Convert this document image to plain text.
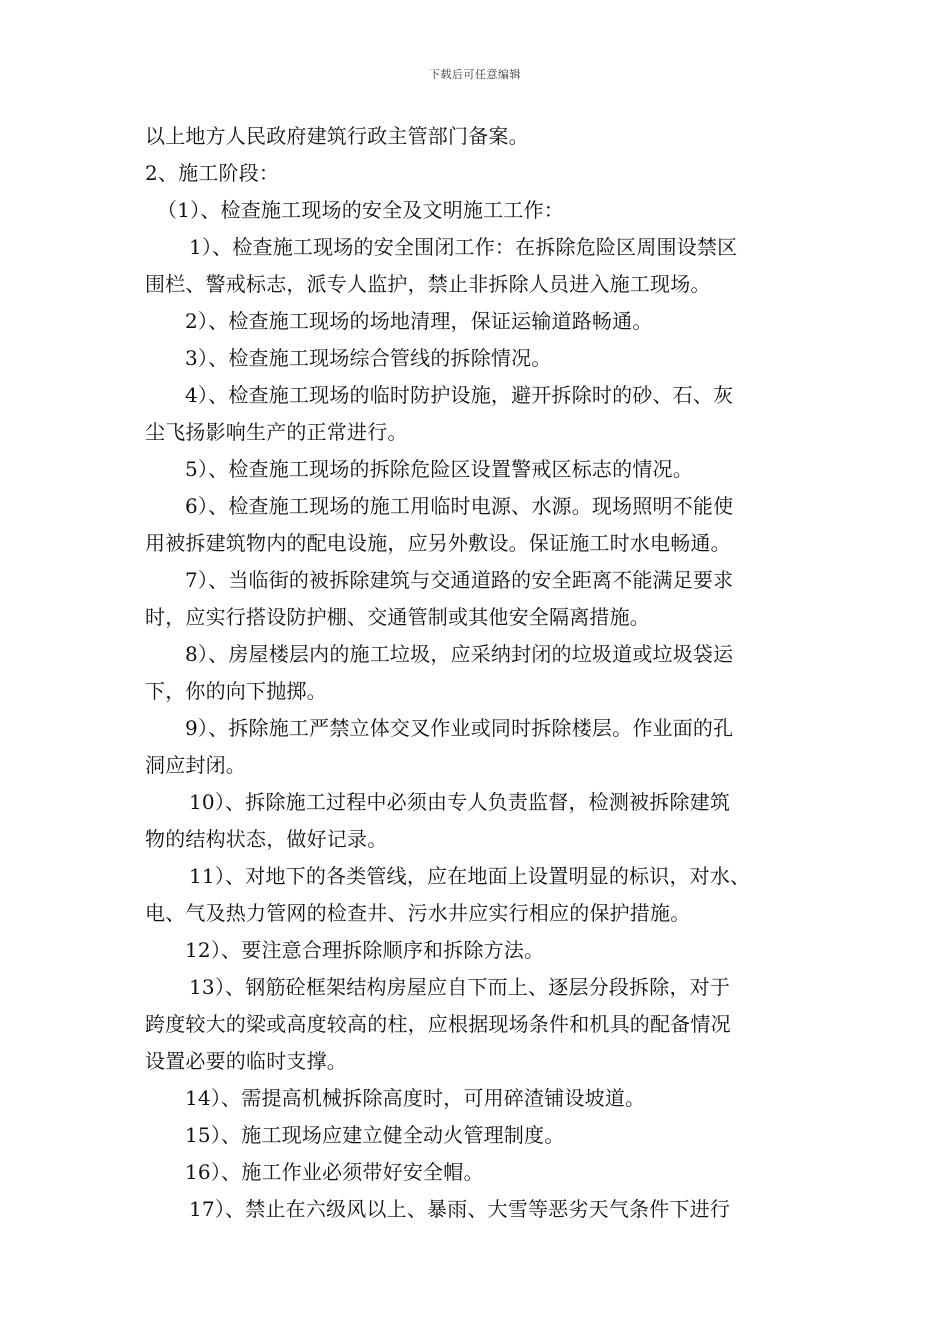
下载后可任意编辑
以上地方人民政府建筑行政主管部门备案。
2、施工阶段：
（1）、检查施工现场的安全及文明施工工作：
1）、检查施工现场的安全围闭工作：在拆除危险区周围设禁区
围栏、警戒标志，派专人监护，禁止非拆除人员进入施工现场。
2）、检查施工现场的场地清理，保证运输道路畅通。
3）、检查施工现场综合管线的拆除情况。
4）、检查施工现场的临时防护设施，避开拆除时的砂、石、灰
尘飞扬影响生产的正常进行。
5）、检查施工现场的拆除危险区设置警戒区标志的情况。
6）、检查施工现场的施工用临时电源、水源。现场照明不能使
用被拆建筑物内的配电设施，应另外敷设。保证施工时水电畅通。
7）、当临街的被拆除建筑与交通道路的安全距离不能满足要求
时，应实行搭设防护棚、交通管制或其他安全隔离措施。
8）、房屋楼层内的施工垃圾，应采纳封闭的垃圾道或垃圾袋运
下，你的向下抛掷。
9）、拆除施工严禁立体交叉作业或同时拆除楼层。作业面的孔
洞应封闭。
10）、拆除施工过程中必须由专人负责监督，检测被拆除建筑
物的结构状态，做好记录。
11）、对地下的各类管线，应在地面上设置明显的标识，对水、
电、气及热力管网的检查井、污水井应实行相应的保护措施。
12）、要注意合理拆除顺序和拆除方法。
13）、钢筋砼框架结构房屋应自下而上、逐层分段拆除，对于
跨度较大的梁或高度较高的柱，应根据现场条件和机具的配备情况
设置必要的临时支撑。
14）、需提高机械拆除高度时，可用碎渣铺设坡道。
15）、施工现场应建立健全动火管理制度。
16）、施工作业必须带好安全帽。
17）、禁止在六级风以上、暴雨、大雪等恶劣天气条件下进行
